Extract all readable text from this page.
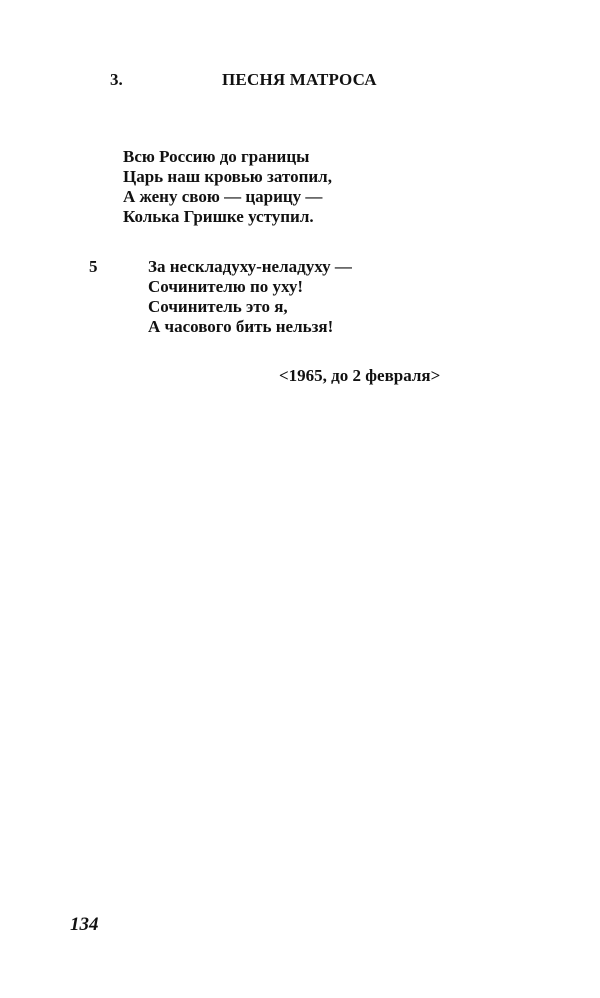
3.	ПЕСНЯ МАТРОСА
Всю Россию до границы
Царь наш кровью затопил,
А жену свою — царицу —
Колька Гришке уступил.
5	За нескладуху-неладуху —
Сочинителю по уху!
Сочинитель это я,
А часового бить нельзя!
<1965, до 2 февраля>
134
